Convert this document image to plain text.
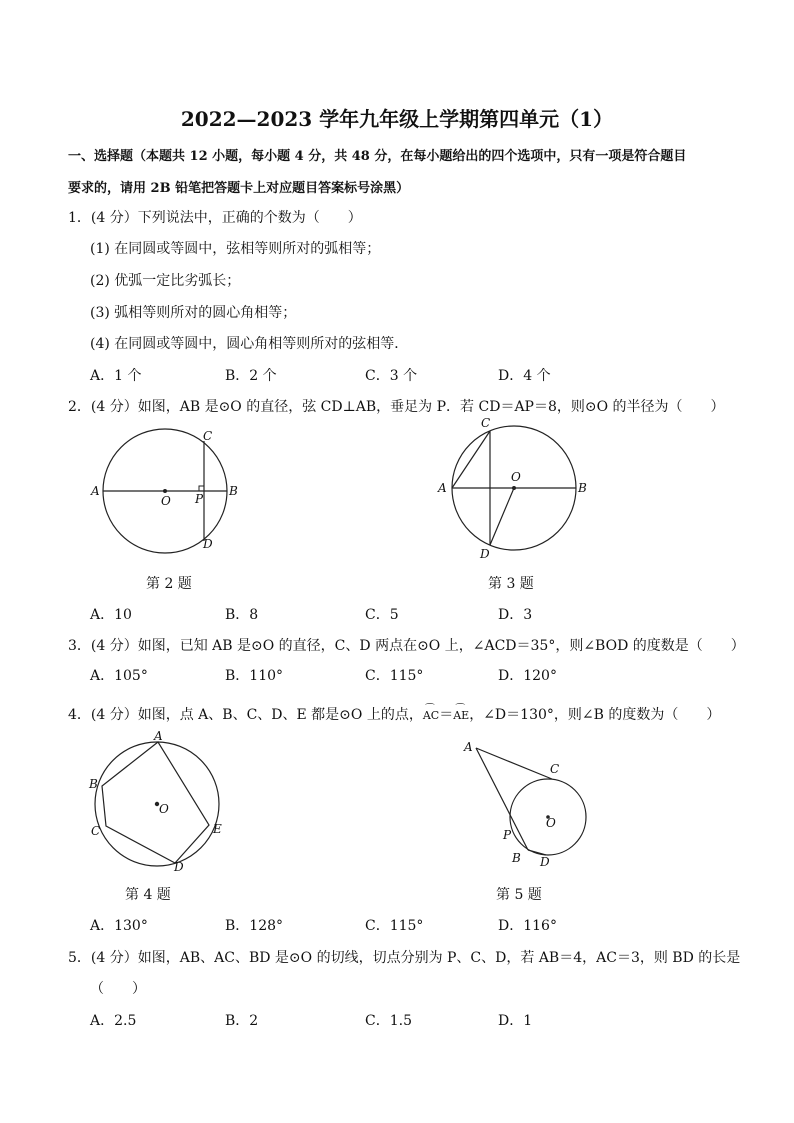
2022—2023 学年九年级上学期第四单元（1）
一、选择题（本题共 12 小题，每小题 4 分，共 48 分，在每小题给出的四个选项中，只有一项是符合题目
要求的，请用 2B 铅笔把答题卡上对应题目答案标号涂黑）
1．(4 分）下列说法中，正确的个数为（　　）
(1) 在同圆或等圆中，弦相等则所对的弧相等；
(2) 优弧一定比劣弧长；
(3) 弧相等则所对的圆心角相等；
(4) 在同圆或等圆中，圆心角相等则所对的弦相等．
A．1 个	B．2 个	C．3 个	D．4 个
2．(4 分）如图，AB 是⊙O 的直径，弦 CD⊥AB，垂足为 P．若 CD＝AP＝8，则⊙O 的半径为（　　）
A	B
C
D
O P
第 2 题
A	B
C
D
O
第 3 题
A．10	B．8	C．5	D．3
3．(4 分）如图，已知 AB 是⊙O 的直径，C、D 两点在⊙O 上，∠ACD＝35°，则∠BOD 的度数是（　　）
A．105°	B．110°	C．115°	D．120°
4．(4 分）如图，点 A、B、C、D、E 都是⊙O 上的点，⌒ AC＝⌒ AE，∠D＝130°，则∠B 的度数为（　　）
A
B
C
D
E
O
第 4 题
A
B
C
D
O
P
第 5 题
A．130°	B．128°	C．115°	D．116°
5．(4 分）如图，AB、AC、BD 是⊙O 的切线，切点分别为 P、C、D，若 AB＝4，AC＝3，则 BD 的长是
（　　）
A．2.5	B．2	C．1.5	D．1
